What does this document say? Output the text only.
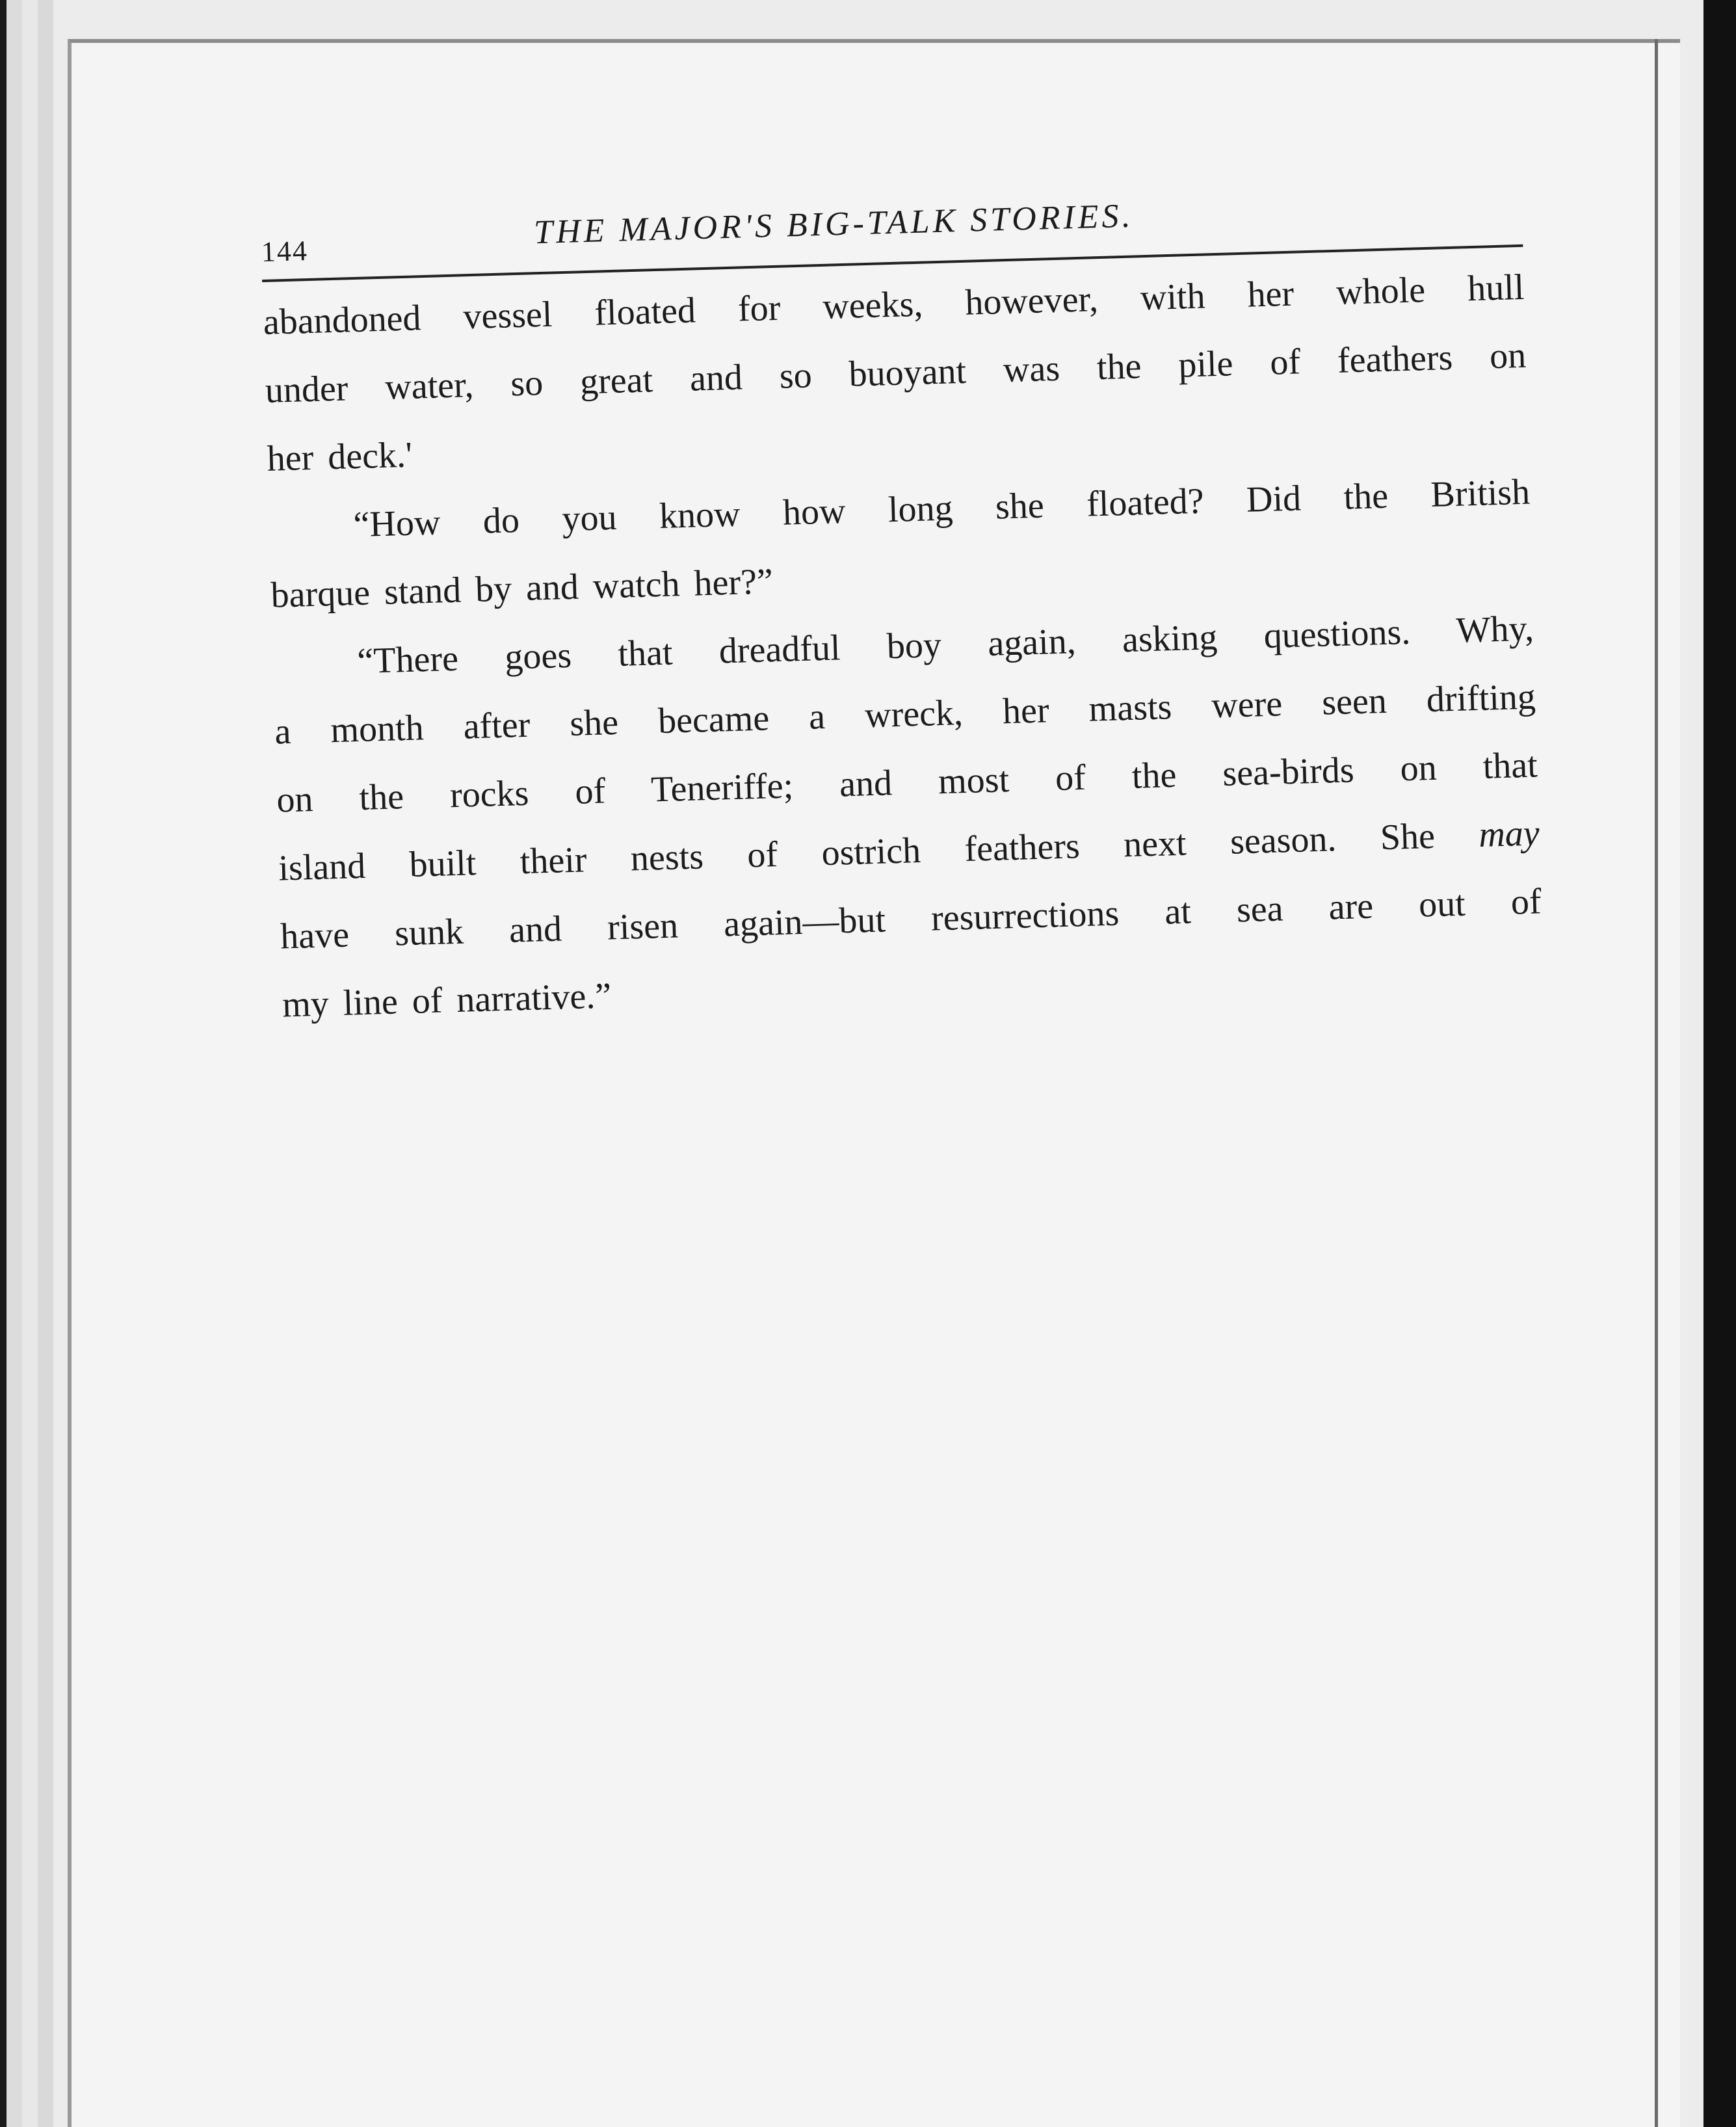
144
THE MAJOR'S BIG-TALK STORIES.

abandoned vessel floated for weeks, however, with her whole hull
under water, so great and so buoyant was the pile of feathers on
her deck.'

“How do you know how long she floated? Did the British
barque stand by and watch her?”

“There goes that dreadful boy again, asking questions. Why,
a month after she became a wreck, her masts were seen drifting
on the rocks of Teneriffe; and most of the sea-birds on that
island built their nests of ostrich feathers next season. She may
have sunk and risen again—but resurrections at sea are out of
my line of narrative.”
